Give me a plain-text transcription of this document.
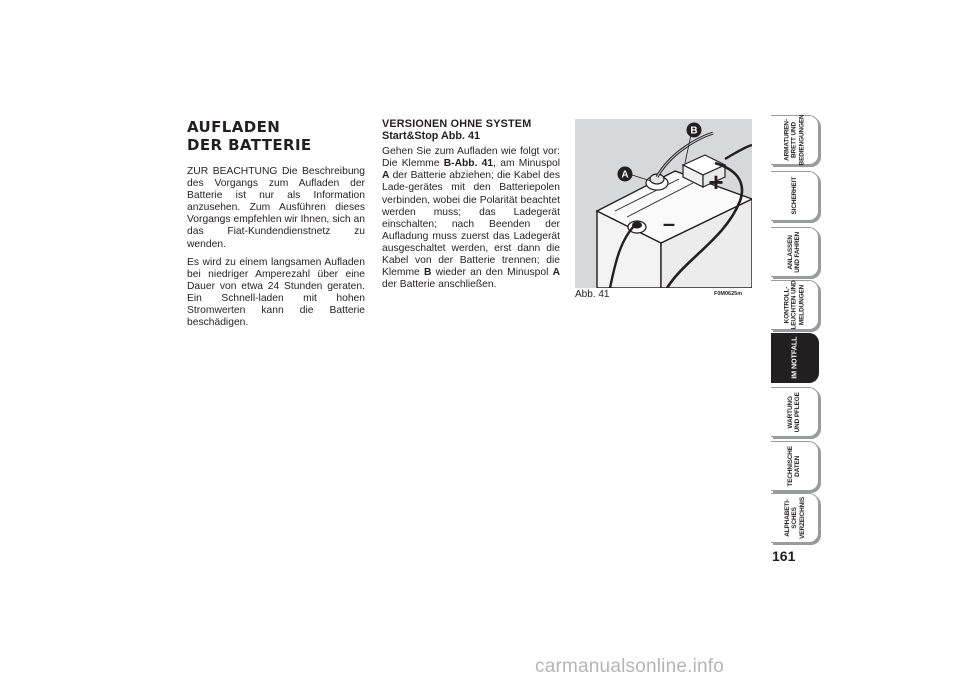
AUFLADEN
DER BATTERIE

ZUR BEACHTUNG Die Beschreibung des Vorgangs zum Aufladen der Batterie ist nur als Information anzusehen. Zum Ausführen dieses Vorgangs empfehlen wir Ihnen, sich an das Fiat-Kundendienstnetz zu wenden.

Es wird zu einem langsamen Aufladen bei niedriger Amperezahl über eine Dauer von etwa 24 Stunden geraten. Ein Schnell-laden mit hohen Stromwerten kann die Batterie beschädigen.

VERSIONEN OHNE SYSTEM

Start&Stop Abb. 41

Gehen Sie zum Aufladen wie folgt vor: Die Klemme B-Abb. 41, am Minuspol A der Batterie abziehen; die Kabel des Lade-gerätes mit den Batteriepolen verbinden, wobei die Polarität beachtet werden muss; das Ladegerät einschalten; nach Beenden der Aufladung muss zuerst das Ladegerät ausgeschaltet werden, erst dann die Kabel von der Batterie trennen; die Klemme B wieder an den Minuspol A der Batterie anschließen.

A
B
+
–
Abb. 41	F0M0625m
ARMATUREN-
BRETT UND
BEDIENGUNGEN
SICHERHEIT
ANLASSEN
UND FAHREN
KONTROLL-
LEUCHTEN UND
MELDUNGEN
IM NOTFALL
WARTUNG
UND PFLEGE
TECHNISCHE
DATEN
ALPHABETI-
SCHES
VERZEICHNIS
161
carmanualsonline.info
